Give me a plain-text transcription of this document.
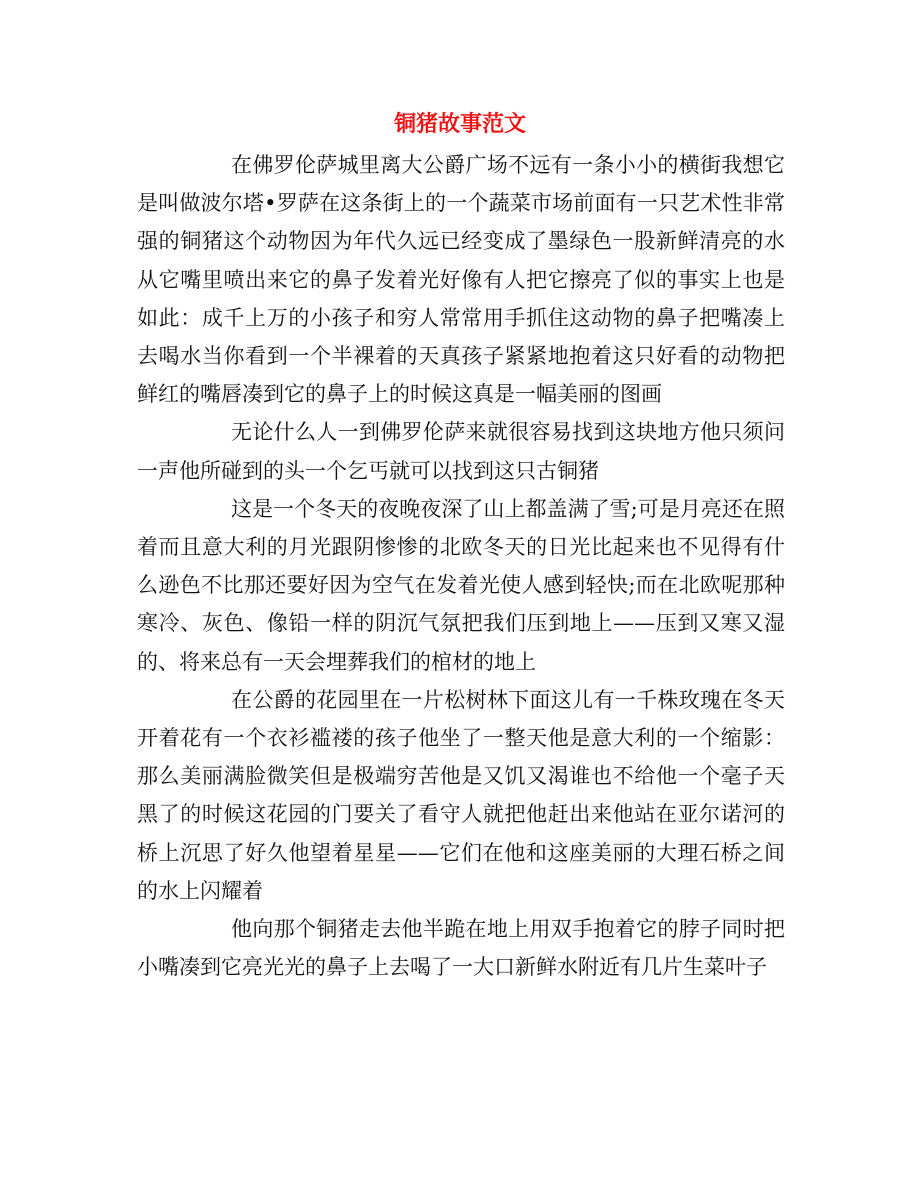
铜猪故事范文

在佛罗伦萨城里离大公爵广场不远有一条小小的横街我想它是叫做波尔塔•罗萨在这条街上的一个蔬菜市场前面有一只艺术性非常强的铜猪这个动物因为年代久远已经变成了墨绿色一股新鲜清亮的水从它嘴里喷出来它的鼻子发着光好像有人把它擦亮了似的事实上也是如此：成千上万的小孩子和穷人常常用手抓住这动物的鼻子把嘴凑上去喝水当你看到一个半裸着的天真孩子紧紧地抱着这只好看的动物把鲜红的嘴唇凑到它的鼻子上的时候这真是一幅美丽的图画

无论什么人一到佛罗伦萨来就很容易找到这块地方他只须问一声他所碰到的头一个乞丐就可以找到这只古铜猪

这是一个冬天的夜晚夜深了山上都盖满了雪;可是月亮还在照着而且意大利的月光跟阴惨惨的北欧冬天的日光比起来也不见得有什么逊色不比那还要好因为空气在发着光使人感到轻快;而在北欧呢那种寒冷、灰色、像铅一样的阴沉气氛把我们压到地上——压到又寒又湿的、将来总有一天会埋葬我们的棺材的地上

在公爵的花园里在一片松树林下面这儿有一千株玫瑰在冬天开着花有一个衣衫褴褛的孩子他坐了一整天他是意大利的一个缩影：那么美丽满脸微笑但是极端穷苦他是又饥又渴谁也不给他一个毫子天黑了的时候这花园的门要关了看守人就把他赶出来他站在亚尔诺河的桥上沉思了好久他望着星星——它们在他和这座美丽的大理石桥之间的水上闪耀着

他向那个铜猪走去他半跪在地上用双手抱着它的脖子同时把小嘴凑到它亮光光的鼻子上去喝了一大口新鲜水附近有几片生菜叶子
